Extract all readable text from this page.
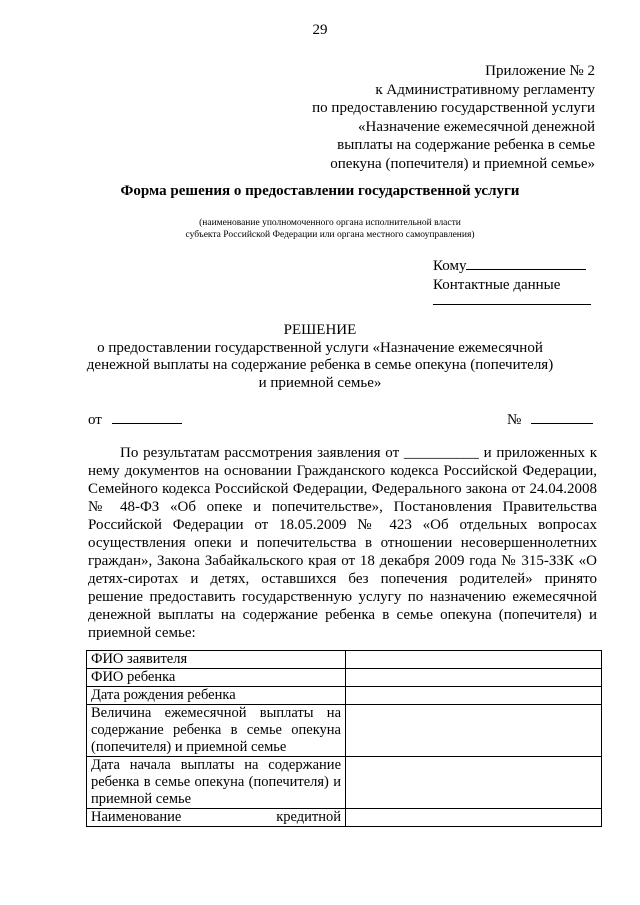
29
Приложение № 2
к Административному регламенту
по предоставлению государственной услуги
«Назначение ежемесячной денежной
выплаты на содержание ребенка в семье
опекуна (попечителя) и приемной семье»
Форма решения о предоставлении государственной услуги
(наименование уполномоченного органа исполнительной власти
субъекта Российской Федерации или органа местного самоуправления)
Кому
Контактные данные
РЕШЕНИЕ
о предоставлении государственной услуги «Назначение ежемесячной денежной выплаты на содержание ребенка в семье опекуна (попечителя) и приемной семье»
от	№
По результатам рассмотрения заявления от __________ и приложенных к нему документов на основании Гражданского кодекса Российской Федерации, Семейного кодекса Российской Федерации, Федерального закона от 24.04.2008 № 48-ФЗ «Об опеке и попечительстве», Постановления Правительства Российской Федерации от 18.05.2009 № 423 «Об отдельных вопросах осуществления опеки и попечительства в отношении несовершеннолетних граждан», Закона Забайкальского края от 18 декабря 2009 года № 315-ЗЗК «О детях-сиротах и детях, оставшихся без попечения родителей» принято решение предоставить государственную услугу по назначению ежемесячной денежной выплаты на содержание ребенка в семье опекуна (попечителя) и приемной семье:
ФИО заявителя	
ФИО ребенка	
Дата рождения ребенка	
Величина ежемесячной выплаты на содержание ребенка в семье опекуна (попечителя) и приемной семье	
Дата начала выплаты на содержание ребенка в семье опекуна (попечителя) и приемной семье	
Наименование кредитной	
